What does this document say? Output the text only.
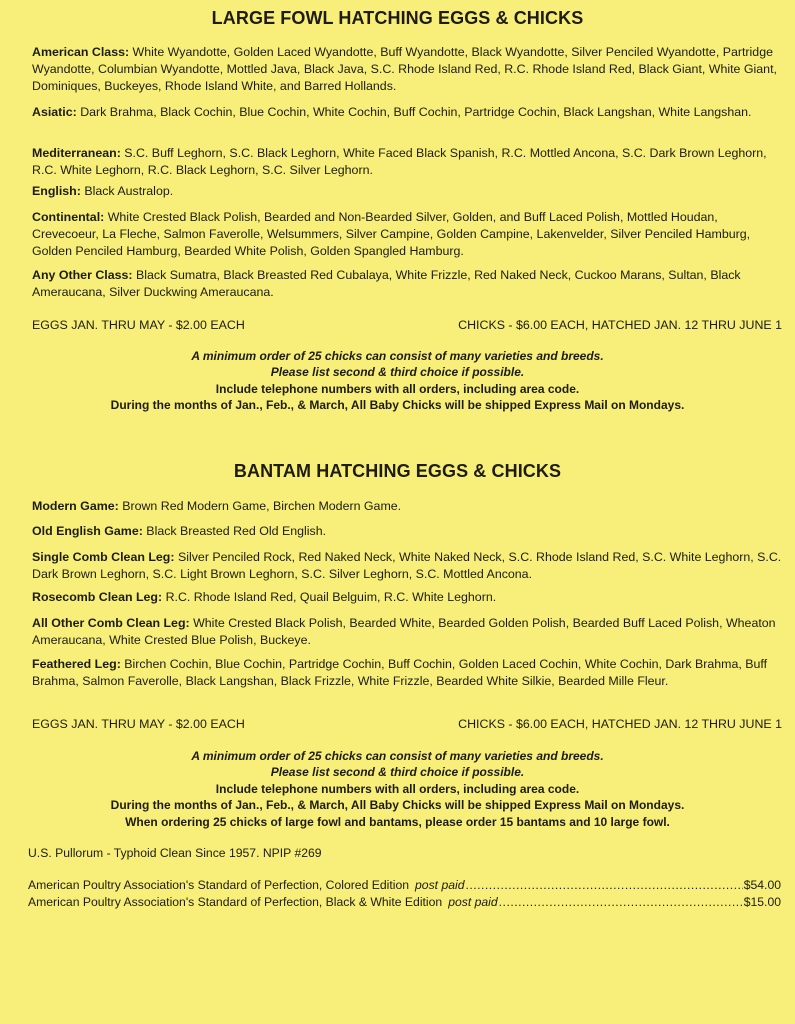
LARGE FOWL HATCHING EGGS & CHICKS

American Class: White Wyandotte, Golden Laced Wyandotte, Buff Wyandotte, Black Wyandotte, Silver Penciled Wyandotte, Partridge Wyandotte, Columbian Wyandotte, Mottled Java, Black Java, S.C. Rhode Island Red, R.C. Rhode Island Red, Black Giant, White Giant, Dominiques, Buckeyes, Rhode Island White, and Barred Hollands.

Asiatic: Dark Brahma, Black Cochin, Blue Cochin, White Cochin, Buff Cochin, Partridge Cochin, Black Langshan, White Langshan.

Mediterranean: S.C. Buff Leghorn, S.C. Black Leghorn, White Faced Black Spanish, R.C. Mottled Ancona, S.C. Dark Brown Leghorn, R.C. White Leghorn, R.C. Black Leghorn, S.C. Silver Leghorn.

English: Black Australop.

Continental: White Crested Black Polish, Bearded and Non-Bearded Silver, Golden, and Buff Laced Polish, Mottled Houdan, Crevecoeur, La Fleche, Salmon Faverolle, Welsummers, Silver Campine, Golden Campine, Lakenvelder, Silver Penciled Hamburg, Golden Penciled Hamburg, Bearded White Polish, Golden Spangled Hamburg.

Any Other Class: Black Sumatra, Black Breasted Red Cubalaya, White Frizzle, Red Naked Neck, Cuckoo Marans, Sultan, Black Ameraucana, Silver Duckwing Ameraucana.

EGGS JAN. THRU MAY - $2.00 EACH	CHICKS - $6.00 EACH, HATCHED JAN. 12 THRU JUNE 1
A minimum order of 25 chicks can consist of many varieties and breeds.
Please list second & third choice if possible.
Include telephone numbers with all orders, including area code.
During the months of Jan., Feb., & March, All Baby Chicks will be shipped Express Mail on Mondays.
BANTAM HATCHING EGGS & CHICKS

Modern Game: Brown Red Modern Game, Birchen Modern Game.

Old English Game: Black Breasted Red Old English.

Single Comb Clean Leg: Silver Penciled Rock, Red Naked Neck, White Naked Neck, S.C. Rhode Island Red, S.C. White Leghorn, S.C. Dark Brown Leghorn, S.C. Light Brown Leghorn, S.C. Silver Leghorn, S.C. Mottled Ancona.

Rosecomb Clean Leg: R.C. Rhode Island Red, Quail Belguim, R.C. White Leghorn.

All Other Comb Clean Leg: White Crested Black Polish, Bearded White, Bearded Golden Polish, Bearded Buff Laced Polish, Wheaton Ameraucana, White Crested Blue Polish, Buckeye.

Feathered Leg: Birchen Cochin, Blue Cochin, Partridge Cochin, Buff Cochin, Golden Laced Cochin, White Cochin, Dark Brahma, Buff Brahma, Salmon Faverolle, Black Langshan, Black Frizzle, White Frizzle, Bearded White Silkie, Bearded Mille Fleur.

EGGS JAN. THRU MAY - $2.00 EACH	CHICKS - $6.00 EACH, HATCHED JAN. 12 THRU JUNE 1
A minimum order of 25 chicks can consist of many varieties and breeds.
Please list second & third choice if possible.
Include telephone numbers with all orders, including area code.
During the months of Jan., Feb., & March, All Baby Chicks will be shipped Express Mail on Mondays.
When ordering 25 chicks of large fowl and bantams, please order 15 bantams and 10 large fowl.
U.S. Pullorum - Typhoid Clean Since 1957. NPIP #269
American Poultry Association's Standard of Perfection, Colored Edition post paid .....	$54.00
American Poultry Association's Standard of Perfection, Black & White Edition post paid .....	$15.00
